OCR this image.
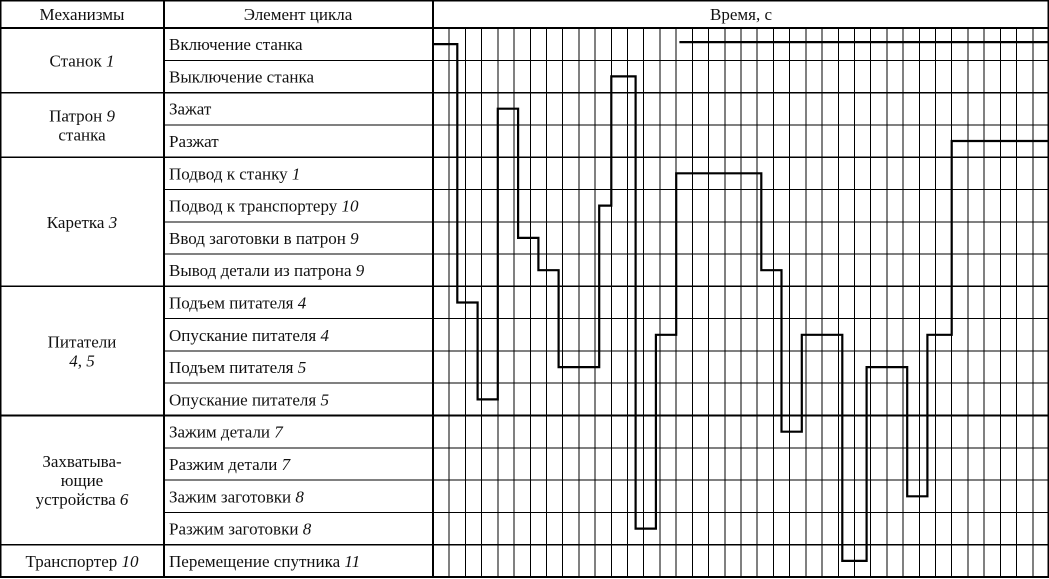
Механизмы	Элемент цикла	Время, с
Включение станка
Выключение станка
Зажат
Разжат
Подвод к станку 1
Подвод к транспортеру 10
Ввод заготовки в патрон 9
Вывод детали из патрона 9
Подъем питателя 4
Опускание питателя 4
Подъем питателя 5
Опускание питателя 5
Зажим детали 7
Разжим детали 7
Зажим заготовки 8
Разжим заготовки 8
Перемещение спутника 11
Станок 1
Патрон 9
станка
Каретка 3
Питатели
4, 5
Захватыва-
ющие
устройства 6
Транспортер 10
